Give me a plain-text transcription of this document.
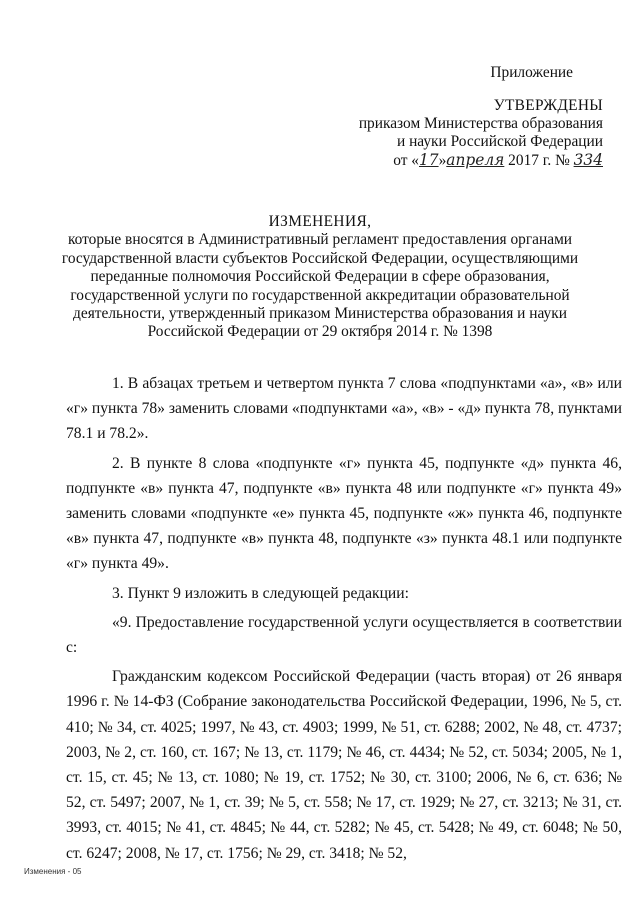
Приложение
УТВЕРЖДЕНЫ
приказом Министерства образования
и науки Российской Федерации
от «17»апреля 2017 г. № 334
ИЗМЕНЕНИЯ,
которые вносятся в Административный регламент предоставления органами
государственной власти субъектов Российской Федерации, осуществляющими
переданные полномочия Российской Федерации в сфере образования,
государственной услуги по государственной аккредитации образовательной
деятельности, утвержденный приказом Министерства образования и науки
Российской Федерации от 29 октября 2014 г. № 1398

1. В абзацах третьем и четвертом пункта 7 слова «подпунктами «а», «в» или «г» пункта 78» заменить словами «подпунктами «а», «в» - «д» пункта 78, пунктами 78.1 и 78.2».

2. В пункте 8 слова «подпункте «г» пункта 45, подпункте «д» пункта 46, подпункте «в» пункта 47, подпункте «в» пункта 48 или подпункте «г» пункта 49» заменить словами «подпункте «е» пункта 45, подпункте «ж» пункта 46, подпункте «в» пункта 47, подпункте «в» пункта 48, подпункте «з» пункта 48.1 или подпункте «г» пункта 49».

3. Пункт 9 изложить в следующей редакции:

«9. Предоставление государственной услуги осуществляется в соответствии с:

Гражданским кодексом Российской Федерации (часть вторая) от 26 января 1996 г. № 14-ФЗ (Собрание законодательства Российской Федерации, 1996, № 5, ст. 410; № 34, ст. 4025; 1997, № 43, ст. 4903; 1999, № 51, ст. 6288; 2002, № 48, ст. 4737; 2003, № 2, ст. 160, ст. 167; № 13, ст. 1179; № 46, ст. 4434; № 52, ст. 5034; 2005, № 1, ст. 15, ст. 45; № 13, ст. 1080; № 19, ст. 1752; № 30, ст. 3100; 2006, № 6, ст. 636; № 52, ст. 5497; 2007, № 1, ст. 39; № 5, ст. 558; № 17, ст. 1929; № 27, ст. 3213; № 31, ст. 3993, ст. 4015; № 41, ст. 4845; № 44, ст. 5282; № 45, ст. 5428; № 49, ст. 6048; № 50, ст. 6247; 2008, № 17, ст. 1756; № 29, ст. 3418; № 52,

Изменения - 05
